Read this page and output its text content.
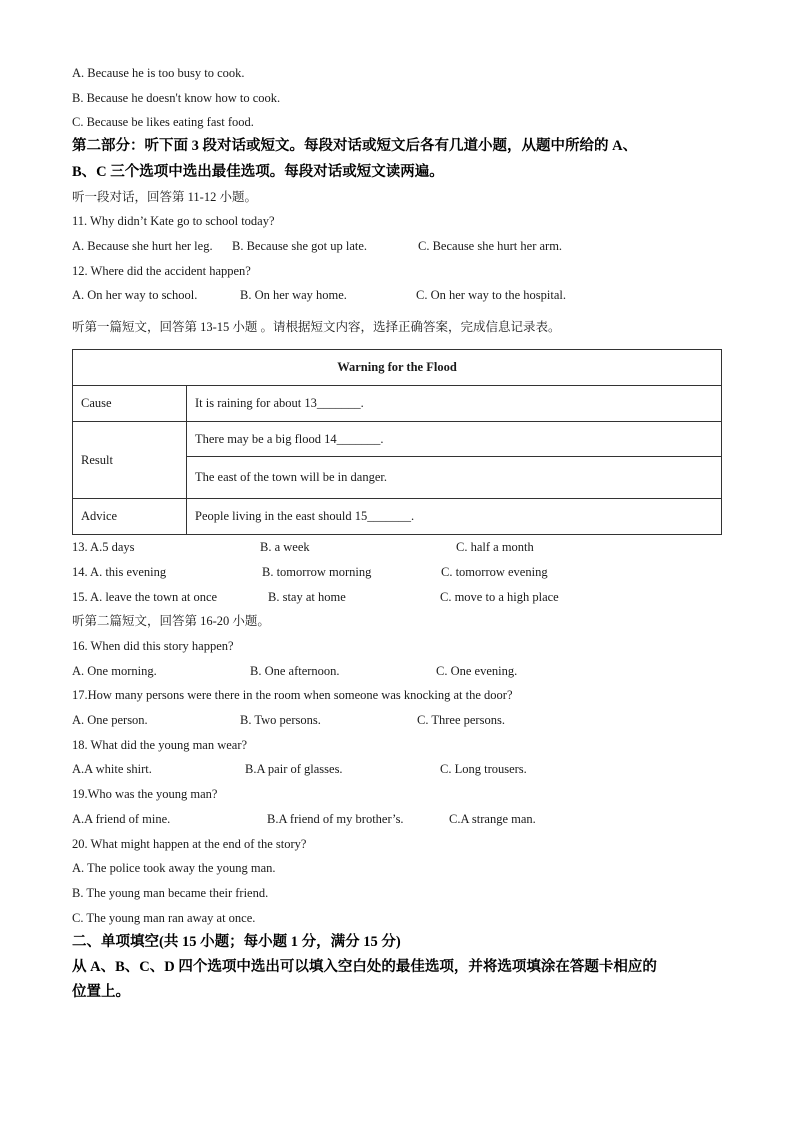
A. Because he is too busy to cook.
B. Because he doesn't know how to cook.
C. Because be likes eating fast food.
第二部分：听下面 3 段对话或短文。每段对话或短文后各有几道小题，从题中所给的 A、
B、C 三个选项中选出最佳选项。每段对话或短文读两遍。
听一段对话，回答第 11-12 小题。
11. Why didn’t Kate go to school today?
A. Because she hurt her leg. B. Because she got up late.	C. Because she hurt her arm.
12. Where did the accident happen?
A. On her way to school.	B. On her way home.	C. On her way to the hospital.
听第一篇短文，回答第 13-15 小题 。请根据短文内容，选择正确答案，完成信息记录表。
Warning for the Flood	
Cause	It is raining for about 13_______.
Result	There may be a big flood 14_______.
	The east of the town will be in danger.
Advice	People living in the east should 15_______.
13. A.5 days	B. a week	C. half a month
14. A. this evening	B. tomorrow morning	C. tomorrow evening
15. A. leave the town at once	B. stay at home	C. move to a high place
听第二篇短文，回答第 16-20 小题。
16. When did this story happen?
A. One morning.	B. One afternoon.	C. One evening.
17.How many persons were there in the room when someone was knocking at the door?
A. One person.	B. Two persons.	C. Three persons.
18. What did the young man wear?
A.A white shirt.	B.A pair of glasses.	C. Long trousers.
19.Who was the young man?
A.A friend of mine.	B.A friend of my brother’s.	C.A strange man.
20. What might happen at the end of the story?
A. The police took away the young man.
B. The young man became their friend.
C. The young man ran away at once.
二、单项填空(共 15 小题；每小题 1 分，满分 15 分)
从 A、B、C、D 四个选项中选出可以填入空白处的最佳选项，并将选项填涂在答题卡相应的
位置上。
